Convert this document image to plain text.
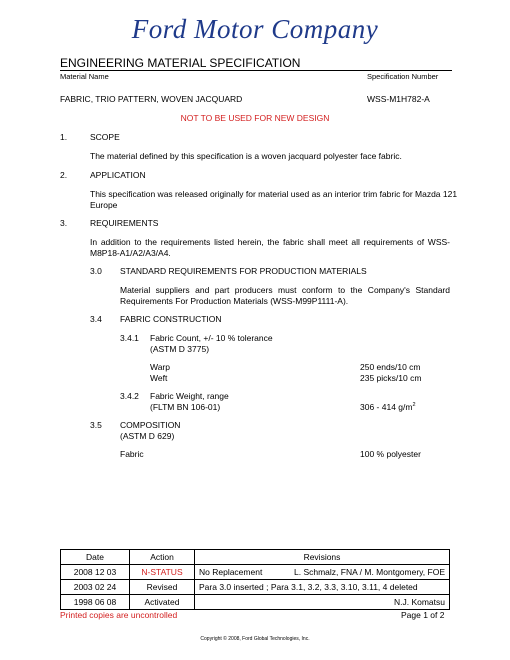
Ford Motor Company
ENGINEERING MATERIAL SPECIFICATION
Material Name	Specification Number
FABRIC, TRIO PATTERN, WOVEN JACQUARD	WSS-M1H782-A
NOT TO BE USED FOR NEW DESIGN
1.	SCOPE
The material defined by this specification is a woven jacquard polyester face fabric.
2.	APPLICATION
This specification was released originally for material used as an interior trim fabric for Mazda 121
Europe
3.	REQUIREMENTS
In addition to the requirements listed herein, the fabric shall meet all requirements of WSS-
M8P18-A1/A2/A3/A4.
3.0 STANDARD REQUIREMENTS FOR PRODUCTION MATERIALS
Material suppliers and part producers must conform to the Company's Standard
Requirements For Production Materials (WSS-M99P1111-A).
3.4 FABRIC CONSTRUCTION
3.4.1 Fabric Count, +/- 10 % tolerance
(ASTM D 3775)
Warp	250 ends/10 cm
Weft	235 picks/10 cm
3.4.2 Fabric Weight, range
(FLTM BN 106-01)	306 - 414 $g/m^2$
3.5 COMPOSITION
(ASTM D 629)
Fabric	100 % polyester
Date	Action	Revisions
2008 12 03	N-STATUS	No Replacement L. Schmalz, FNA / M. Montgomery, FOE

2003 02 24	Revised	Para 3.0 inserted ; Para 3.1, 3.2, 3.3, 3.10, 3.11, 4 deleted

1998 06 08	Activated	N.J. Komatsu
Printed copies are uncontrolled	Page 1 of 2
Copyright © 2008, Ford Global Technologies, Inc.
